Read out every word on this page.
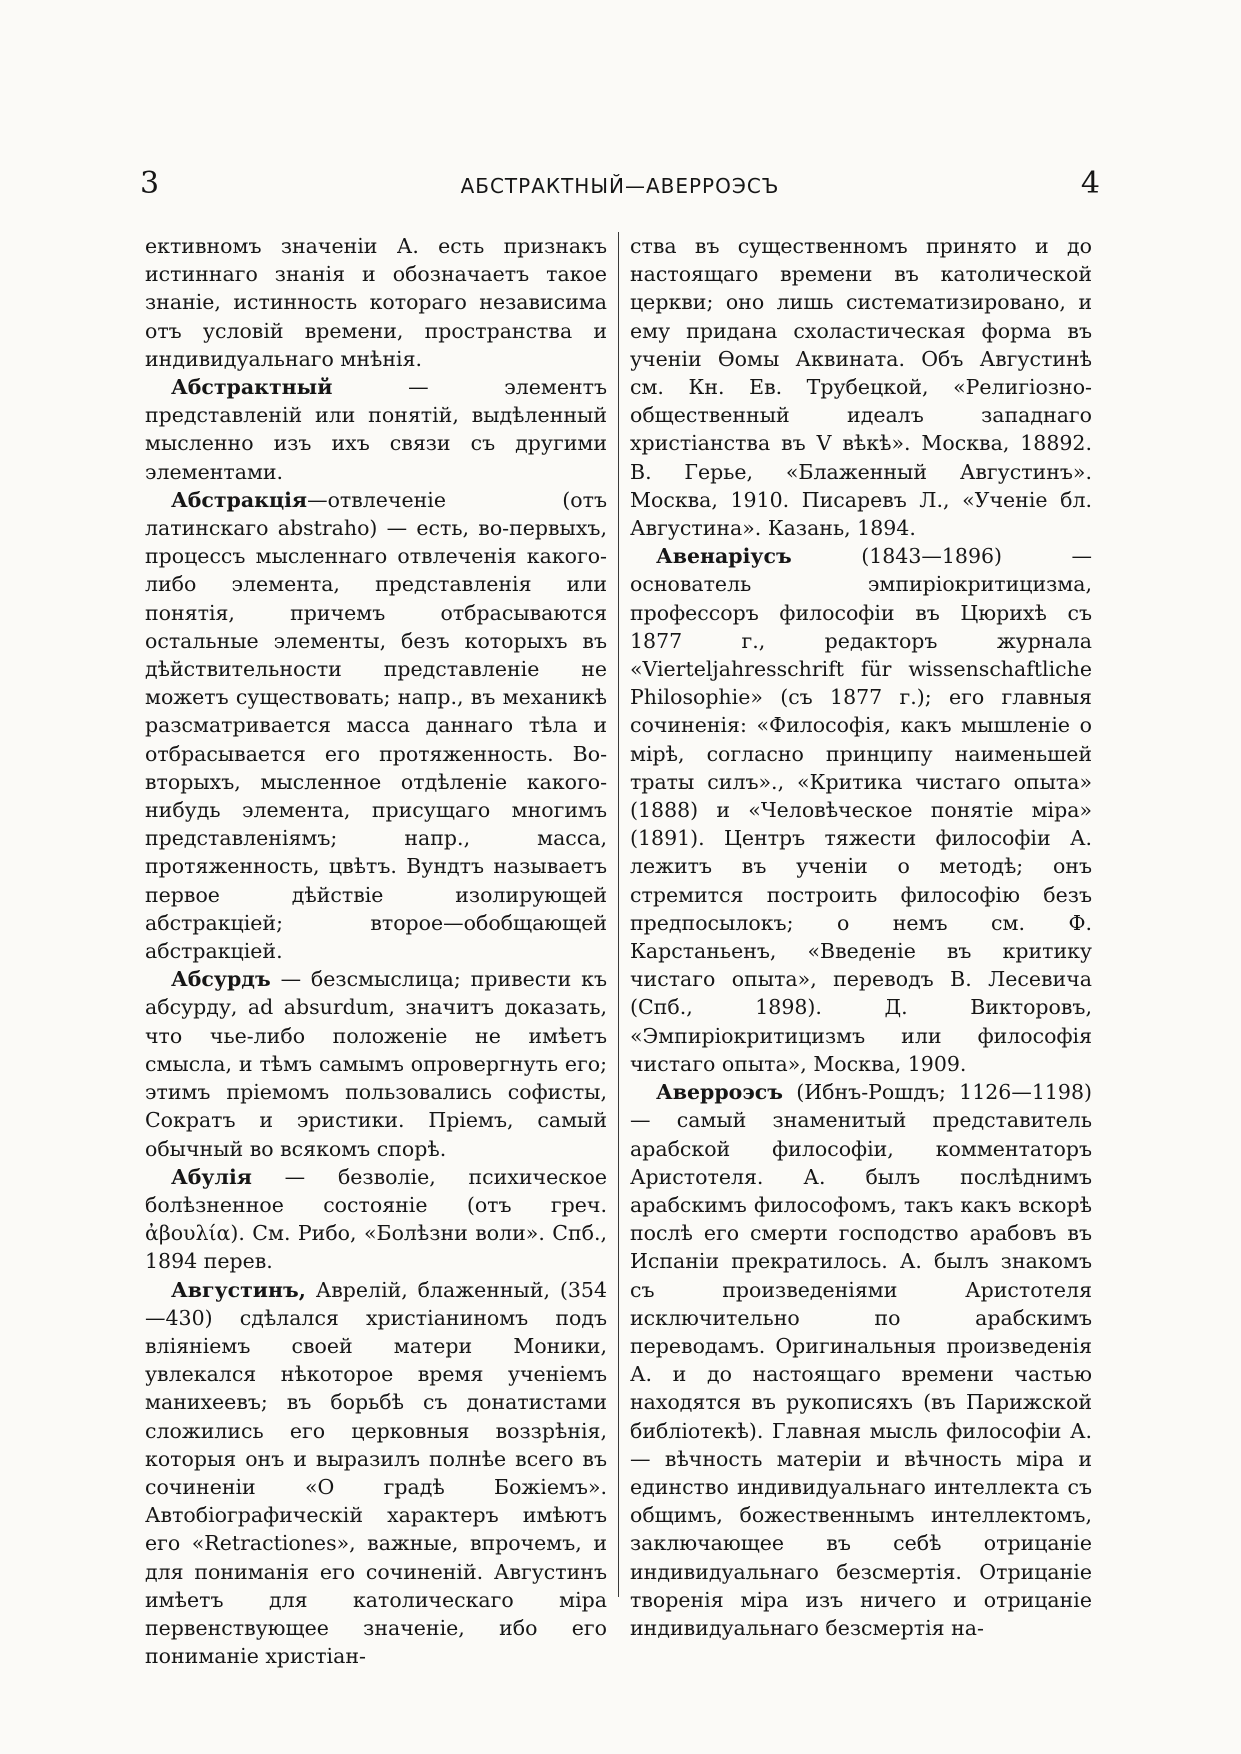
3	АБСТРАКТНЫЙ—АВЕРРОЭСЪ	4

ективномъ значенiи А. есть признакъ истиннаго знанія и обозначаетъ такое знаніе, истинность котораго независима отъ условій времени, пространства и индивидуальнаго мнѣнія.

Абстрактный — элементъ представленій или понятій, выдѣленный мысленно изъ ихъ связи съ другими элементами.

Абстракція—отвлеченіе (отъ латинскаго abstraho) — есть, во-первыхъ, процессъ мысленнаго отвлеченія какого-либо элемента, представленія или понятія, причемъ отбрасываются остальные элементы, безъ которыхъ въ дѣйствительности представленіе не можетъ существовать; напр., въ механикѣ разсматривается масса даннаго тѣла и отбрасывается его протяженность. Во-вторыхъ, мысленное отдѣленіе какого-нибудь элемента, присущаго многимъ представленіямъ; напр., масса, протяженность, цвѣтъ. Вундтъ называетъ первое дѣйствіе изолирующей абстракціей; второе—обобщающей абстракціей.

Абсурдъ — безсмыслица; привести къ абсурду, ad absurdum, значитъ доказать, что чье-либо положеніе не имѣетъ смысла, и тѣмъ самымъ опровергнуть его; этимъ пріемомъ пользовались софисты, Сократъ и эристики. Пріемъ, самый обычный во всякомъ спорѣ.

Абулія — безволіе, психическое болѣзненное состояніе (отъ греч. ἀβουλία). См. Рибо, «Болѣзни воли». Спб., 1894 перев.

Августинъ, Аврелій, блаженный, (354—430) сдѣлался христіаниномъ подъ вліяніемъ своей матери Моники, увлекался нѣкоторое время ученіемъ манихеевъ; въ борьбѣ съ донатистами сложились его церковныя воззрѣнія, которыя онъ и выразилъ полнѣе всего въ сочиненіи «О градѣ Божіемъ». Автобіографическій характеръ имѣютъ его «Retractiones», важные, впрочемъ, и для пониманія его сочиненій. Августинъ имѣетъ для католическаго міра первенствующее значеніе, ибо его пониманіе христіан-

ства въ существенномъ принято и до настоящаго времени въ католической церкви; оно лишь систематизировано, и ему придана схоластическая форма въ ученіи Ѳомы Аквината. Объ Августинѣ см. Кн. Ев. Трубецкой, «Религіозно-общественный идеалъ западнаго христіанства въ V вѣкѣ». Москва, 18892. В. Герье, «Блаженный Августинъ». Москва, 1910. Писаревъ Л., «Ученіе бл. Августина». Казань, 1894.

Авенаріусъ (1843—1896) — основатель эмпиріокритицизма, профессоръ философіи въ Цюрихѣ съ 1877 г., редакторъ журнала «Vierteljahresschrift für wissenschaftliche Philosophie» (съ 1877 г.); его главныя сочиненія: «Философія, какъ мышленіе о мірѣ, согласно принципу наименьшей траты силъ»., «Критика чистаго опыта» (1888) и «Человѣческое понятіе міра» (1891). Центръ тяжести философіи А. лежитъ въ ученіи о методѣ; онъ стремится построить философію безъ предпосылокъ; о немъ см. Ф. Карстаньенъ, «Введеніе въ критику чистаго опыта», переводъ В. Лесевича (Спб., 1898). Д. Викторовъ, «Эмпиріокритицизмъ или философія чистаго опыта», Москва, 1909.

Аверроэсъ (Ибнъ-Рошдъ; 1126—1198) — самый знаменитый представитель арабской философіи, комментаторъ Аристотеля. А. былъ послѣднимъ арабскимъ философомъ, такъ какъ вскорѣ послѣ его смерти господство арабовъ въ Испаніи прекратилось. А. былъ знакомъ съ произведеніями Аристотеля исключительно по арабскимъ переводамъ. Оригинальныя произведенія А. и до настоящаго времени частью находятся въ рукописяхъ (въ Парижской библіотекѣ). Главная мысль философіи А. — вѣчность матеріи и вѣчность міра и единство индивидуальнаго интеллекта съ общимъ, божественнымъ интеллектомъ, заключающее въ себѣ отрицаніе индивидуальнаго безсмертія. Отрицаніе творенія міра изъ ничего и отрицаніе индивидуальнаго безсмертія на-
